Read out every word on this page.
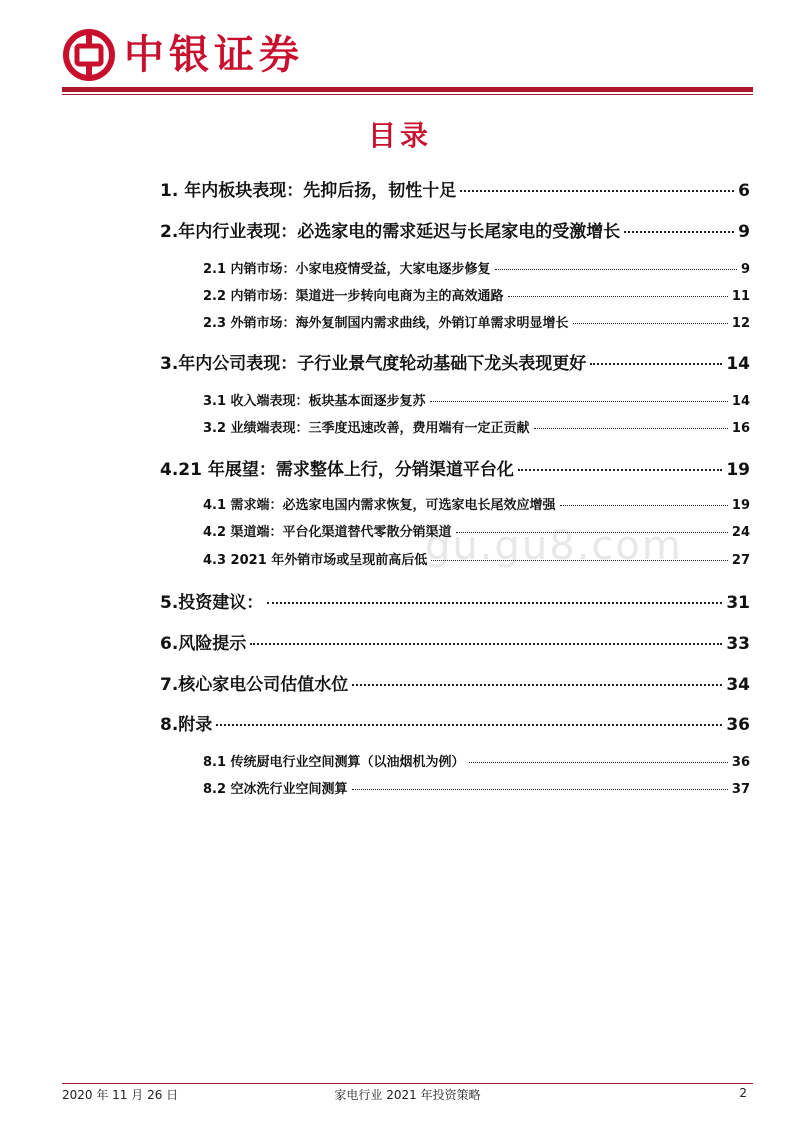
中银证券
目录
gu.gu8.com
1. 年内板块表现：先抑后扬，韧性十足	6
2.年内行业表现：必选家电的需求延迟与长尾家电的受激增长	9
2.1 内销市场：小家电疫情受益，大家电逐步修复	9
2.2 内销市场：渠道进一步转向电商为主的高效通路	11
2.3 外销市场：海外复制国内需求曲线，外销订单需求明显增长	12
3.年内公司表现：子行业景气度轮动基础下龙头表现更好	14
3.1 收入端表现：板块基本面逐步复苏	14
3.2 业绩端表现：三季度迅速改善，费用端有一定正贡献	16
4.21 年展望：需求整体上行，分销渠道平台化	19
4.1 需求端：必选家电国内需求恢复，可选家电长尾效应增强	19
4.2 渠道端：平台化渠道替代零散分销渠道	24
4.3 2021 年外销市场或呈现前高后低	27
5.投资建议：	31
6.风险提示	33
7.核心家电公司估值水位	34
8.附录	36
8.1 传统厨电行业空间测算（以油烟机为例）	36
8.2 空冰洗行业空间测算	37
2020 年 11 月 26 日	家电行业 2021 年投资策略	2
